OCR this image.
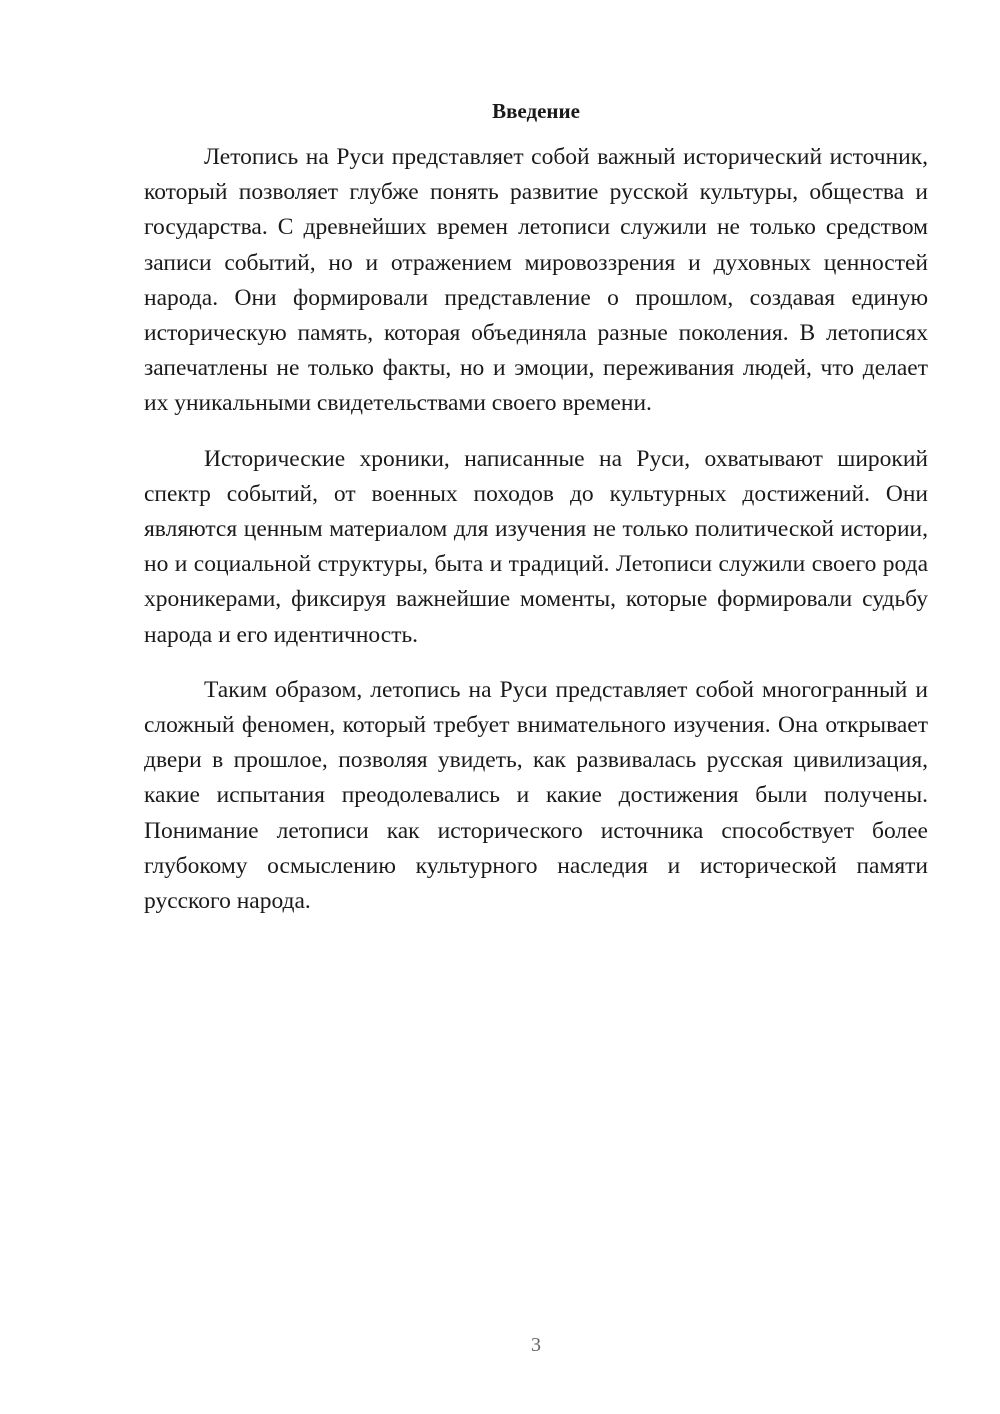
Введение

Летопись на Руси представляет собой важный исторический источник, который позволяет глубже понять развитие русской культуры, общества и государства. С древнейших времен летописи служили не только средством записи событий, но и отражением мировоззрения и духовных ценностей народа. Они формировали представление о прошлом, создавая единую историческую память, которая объединяла разные поколения. В летописях запечатлены не только факты, но и эмоции, переживания людей, что делает их уникальными свидетельствами своего времени.

Исторические хроники, написанные на Руси, охватывают широкий спектр событий, от военных походов до культурных достижений. Они являются ценным материалом для изучения не только политической истории, но и социальной структуры, быта и традиций. Летописи служили своего рода хроникерами, фиксируя важнейшие моменты, которые формировали судьбу народа и его идентичность.

Таким образом, летопись на Руси представляет собой многогранный и сложный феномен, который требует внимательного изучения. Она открывает двери в прошлое, позволяя увидеть, как развивалась русская цивилизация, какие испытания преодолевались и какие достижения были получены. Понимание летописи как исторического источника способствует более глубокому осмыслению культурного наследия и исторической памяти русского народа.

3
